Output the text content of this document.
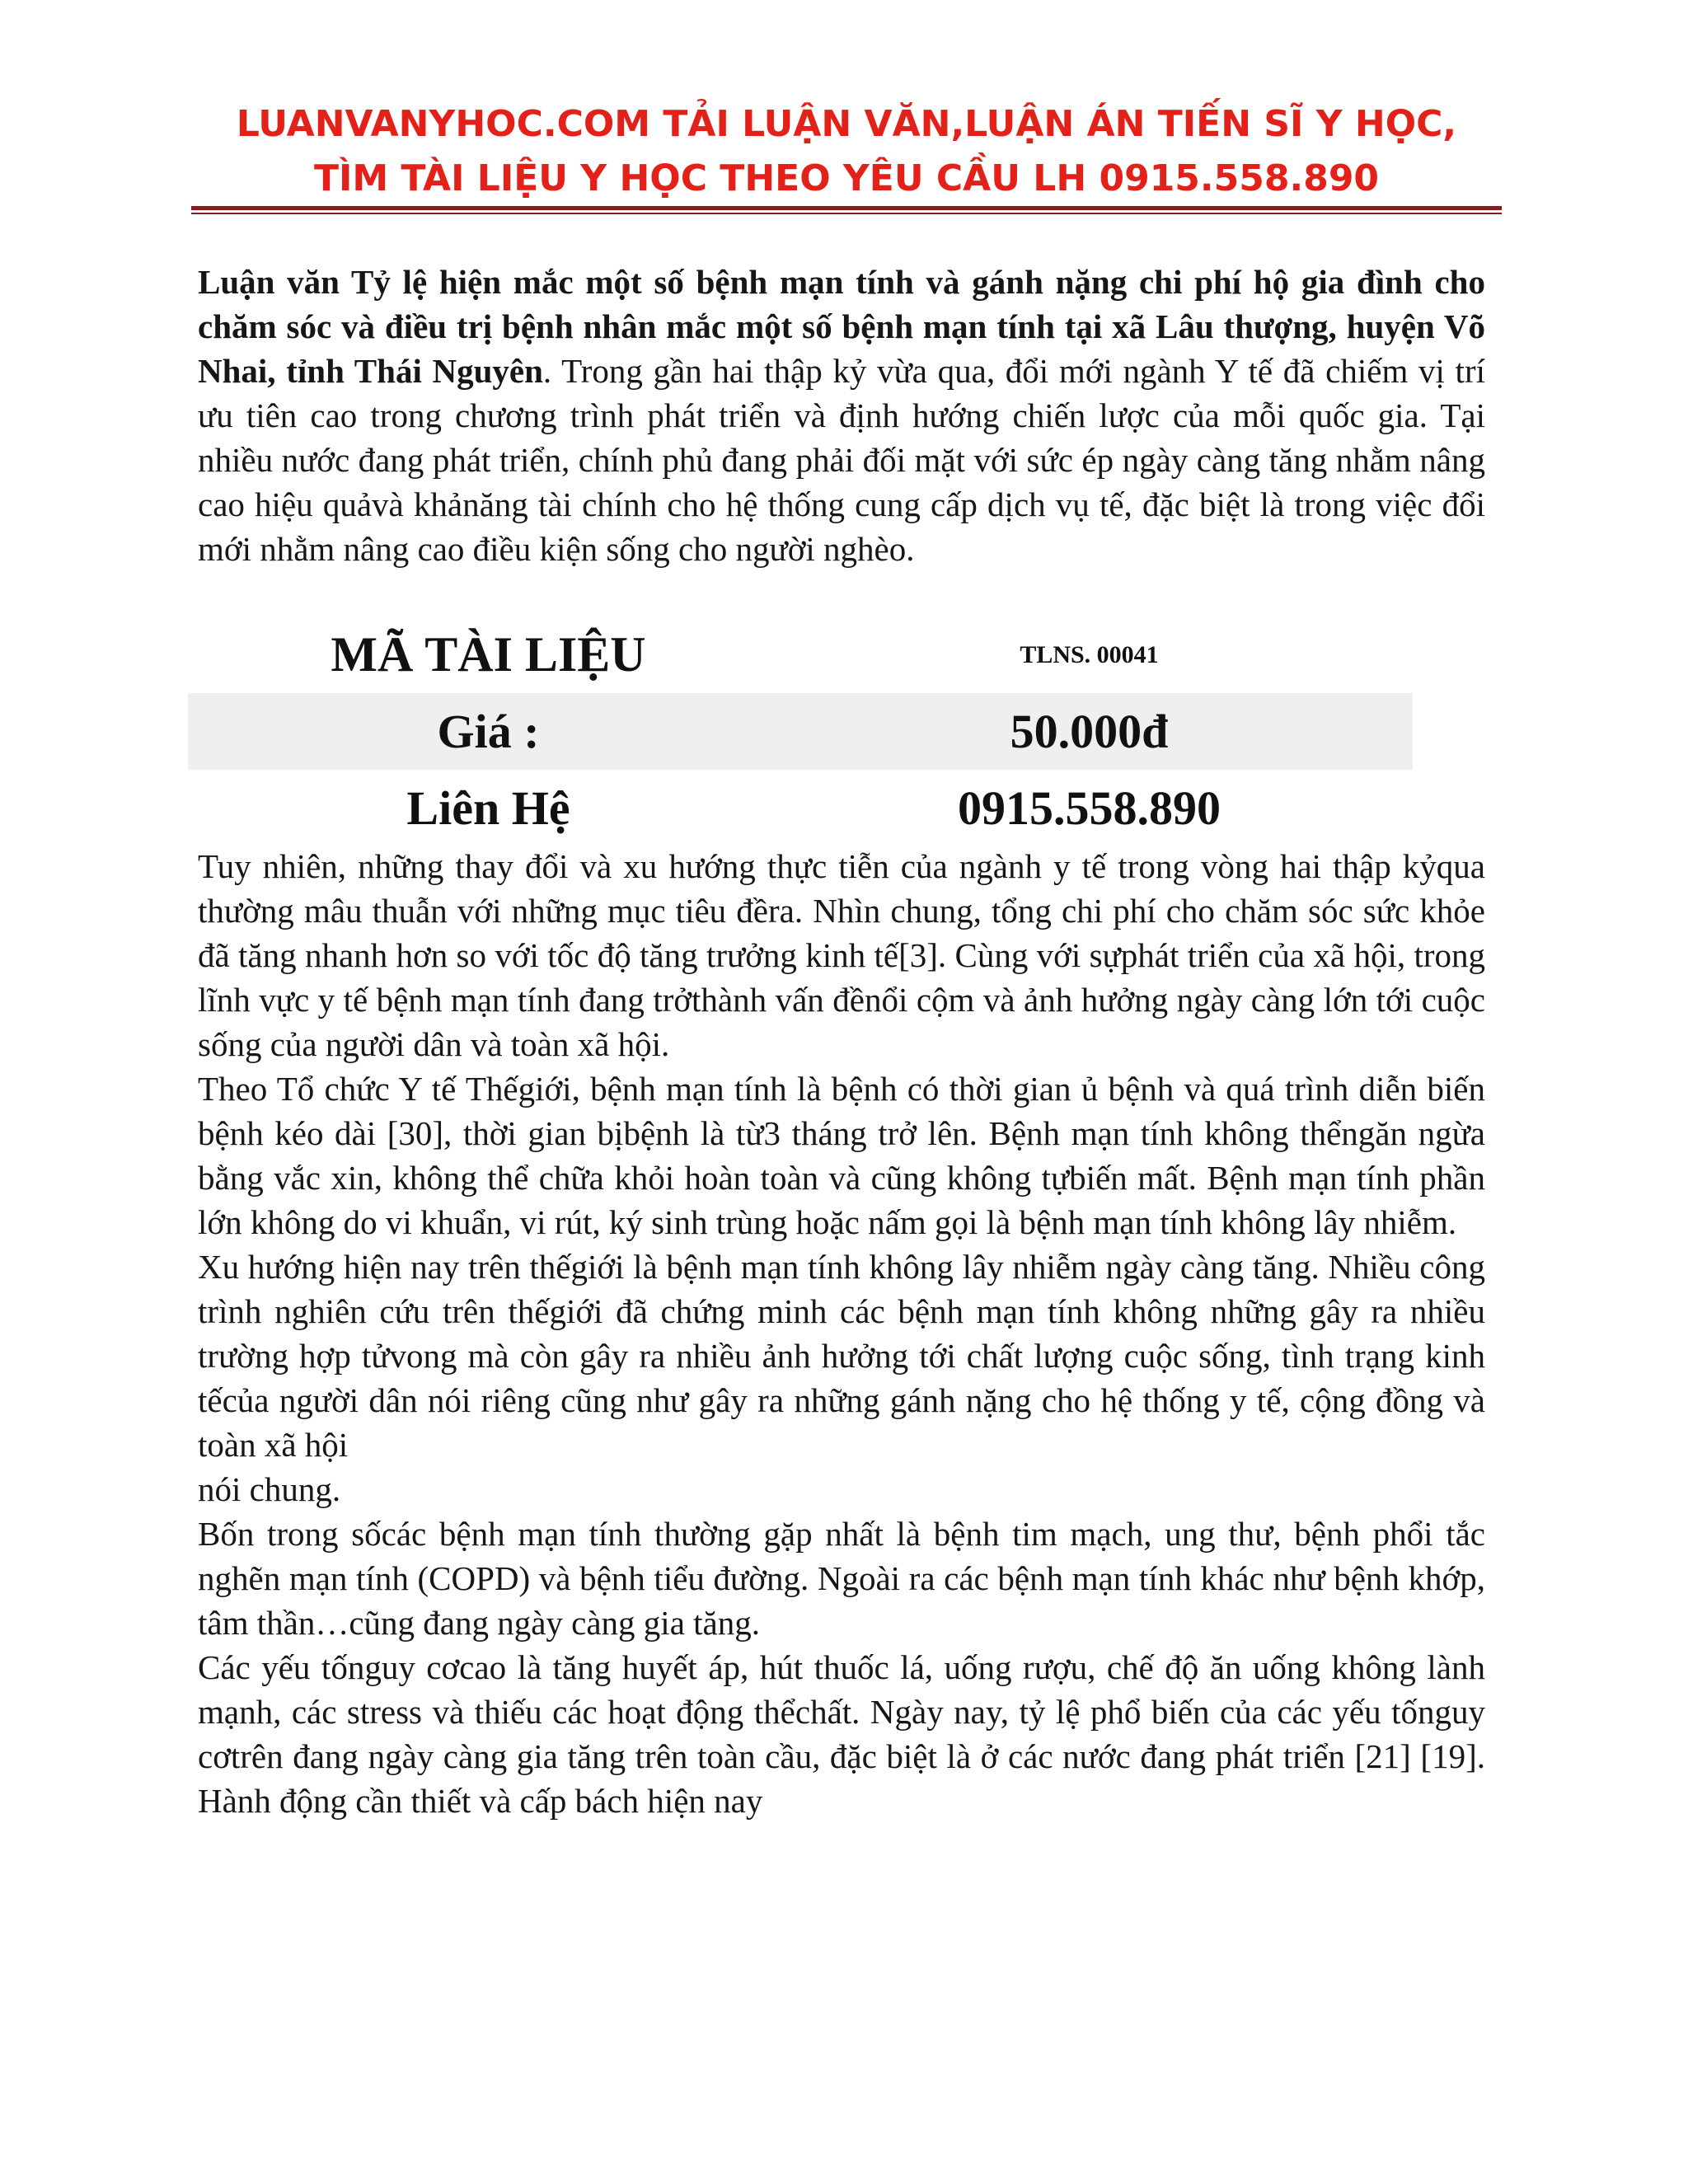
LUANVANYHOC.COM TẢI LUẬN VĂN,LUẬN ÁN TIẾN SĨ Y HỌC,
TÌM TÀI LIỆU Y HỌC THEO YÊU CẦU LH 0915.558.890

Luận văn Tỷ lệ hiện mắc một số bệnh mạn tính và gánh nặng chi phí hộ gia đình cho chăm sóc và điều trị bệnh nhân mắc một số bệnh mạn tính tại xã Lâu thượng, huyện Võ Nhai, tỉnh Thái Nguyên. Trong gần hai thập kỷ vừa qua, đổi mới ngành Y tế đã chiếm vị trí ưu tiên cao trong chương trình phát triển và định hướng chiến lược của mỗi quốc gia. Tại nhiều nước đang phát triển, chính phủ đang phải đối mặt với sức ép ngày càng tăng nhằm nâng cao hiệu quảvà khảnăng tài chính cho hệ thống cung cấp dịch vụ tế, đặc biệt là trong việc đổi mới nhằm nâng cao điều kiện sống cho người nghèo.

MÃ TÀI LIỆU	TLNS. 00041
Giá :	50.000đ
Liên Hệ	0915.558.890

Tuy nhiên, những thay đổi và xu hướng thực tiễn của ngành y tế trong vòng hai thập kỷqua thường mâu thuẫn với những mục tiêu đềra. Nhìn chung, tổng chi phí cho chăm sóc sức khỏe đã tăng nhanh hơn so với tốc độ tăng trưởng kinh tế[3]. Cùng với sựphát triển của xã hội, trong lĩnh vực y tế bệnh mạn tính đang trởthành vấn đềnổi cộm và ảnh hưởng ngày càng lớn tới cuộc sống của người dân và toàn xã hội.

Theo Tổ chức Y tế Thếgiới, bệnh mạn tính là bệnh có thời gian ủ bệnh và quá trình diễn biến bệnh kéo dài [30], thời gian bịbệnh là từ3 tháng trở lên. Bệnh mạn tính không thểngăn ngừa bằng vắc xin, không thể chữa khỏi hoàn toàn và cũng không tựbiến mất. Bệnh mạn tính phần lớn không do vi khuẩn, vi rút, ký sinh trùng hoặc nấm gọi là bệnh mạn tính không lây nhiễm.

Xu hướng hiện nay trên thếgiới là bệnh mạn tính không lây nhiễm ngày càng tăng. Nhiều công trình nghiên cứu trên thếgiới đã chứng minh các bệnh mạn tính không những gây ra nhiều trường hợp tửvong mà còn gây ra nhiều ảnh hưởng tới chất lượng cuộc sống, tình trạng kinh tếcủa người dân nói riêng cũng như gây ra những gánh nặng cho hệ thống y tế, cộng đồng và toàn xã hội

nói chung.

Bốn trong sốcác bệnh mạn tính thường gặp nhất là bệnh tim mạch, ung thư, bệnh phổi tắc nghẽn mạn tính (COPD) và bệnh tiểu đường. Ngoài ra các bệnh mạn tính khác như bệnh khớp, tâm thần…cũng đang ngày càng gia tăng.

Các yếu tốnguy cơcao là tăng huyết áp, hút thuốc lá, uống rượu, chế độ ăn uống không lành mạnh, các stress và thiếu các hoạt động thểchất. Ngày nay, tỷ lệ phổ biến của các yếu tốnguy cơtrên đang ngày càng gia tăng trên toàn cầu, đặc biệt là ở các nước đang phát triển [21] [19]. Hành động cần thiết và cấp bách hiện nay
